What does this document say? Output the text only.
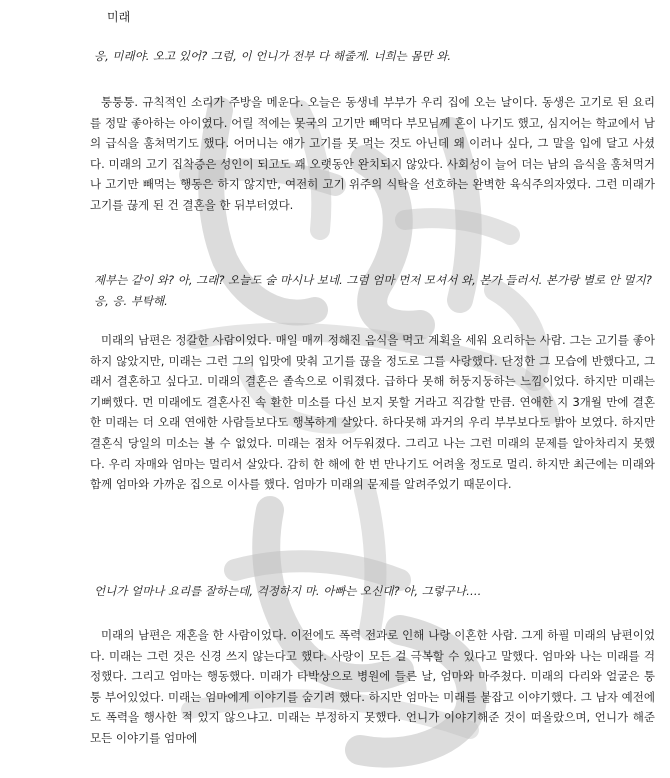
미래
응, 미래야. 오고 있어? 그럼, 이 언니가 전부 다 해줄게. 너희는 몸만 와.

퉁퉁퉁. 규칙적인 소리가 주방을 메운다. 오늘은 동생네 부부가 우리 집에 오는 날이다. 동생은 고기로 된 요리를 정말 좋아하는 아이였다. 어릴 적에는 못국의 고기만 빼먹다 부모님께 혼이 나기도 했고, 심지어는 학교에서 남의 급식을 훔쳐먹기도 했다. 어머니는 얘가 고기를 못 먹는 것도 아닌데 왜 이러나 싶다, 그 말을 입에 달고 사셨다. 미래의 고기 집착증은 성인이 되고도 꽤 오랫동안 완치되지 않았다. 사회성이 늘어 더는 남의 음식을 훔쳐먹거나 고기만 빼먹는 행동은 하지 않지만, 여전히 고기 위주의 식탁을 선호하는 완벽한 육식주의자였다. 그런 미래가 고기를 끊게 된 건 결혼을 한 뒤부터였다.

제부는 같이 와? 아, 그래? 오늘도 술 마시나 보네. 그럼 엄마 먼저 모셔서 와, 본가 들러서. 본가랑 별로 안 멀지? 응, 응. 부탁해.

미래의 남편은 정갈한 사람이었다. 매일 매끼 정해진 음식을 먹고 계획을 세워 요리하는 사람. 그는 고기를 좋아하지 않았지만, 미래는 그런 그의 입맛에 맞춰 고기를 끊을 정도로 그를 사랑했다. 단정한 그 모습에 반했다고, 그래서 결혼하고 싶다고. 미래의 결혼은 졸속으로 이뤄졌다. 급하다 못해 허둥지둥하는 느낌이었다. 하지만 미래는 기뻐했다. 먼 미래에도 결혼사진 속 환한 미소를 다신 보지 못할 거라고 직감할 만큼. 연애한 지 3개월 만에 결혼한 미래는 더 오래 연애한 사람들보다도 행복하게 살았다. 하다못해 과거의 우리 부부보다도 밝아 보였다. 하지만 결혼식 당일의 미소는 볼 수 없었다. 미래는 점차 어두워졌다. 그리고 나는 그런 미래의 문제를 알아차리지 못했다. 우리 자매와 엄마는 멀리서 살았다. 감히 한 해에 한 번 만나기도 어려울 정도로 멀리. 하지만 최근에는 미래와 함께 엄마와 가까운 집으로 이사를 했다. 엄마가 미래의 문제를 알려주었기 때문이다.

언니가 얼마나 요리를 잘하는데, 걱정하지 마. 아빠는 오신대? 아, 그렇구나….

미래의 남편은 재혼을 한 사람이었다. 이전에도 폭력 전과로 인해 나랑 이혼한 사람. 그게 하필 미래의 남편이었다. 미래는 그런 것은 신경 쓰지 않는다고 했다. 사랑이 모든 걸 극복할 수 있다고 말했다. 엄마와 나는 미래를 걱정했다. 그리고 엄마는 행동했다. 미래가 타박상으로 병원에 들른 날, 엄마와 마주쳤다. 미래의 다리와 얼굴은 퉁퉁 부어있었다. 미래는 엄마에게 이야기를 숨기려 했다. 하지만 엄마는 미래를 붙잡고 이야기했다. 그 남자 예전에도 폭력을 행사한 적 있지 않으냐고. 미래는 부정하지 못했다. 언니가 이야기해준 것이 떠올랐으며, 언니가 해준 모든 이야기를 엄마에
